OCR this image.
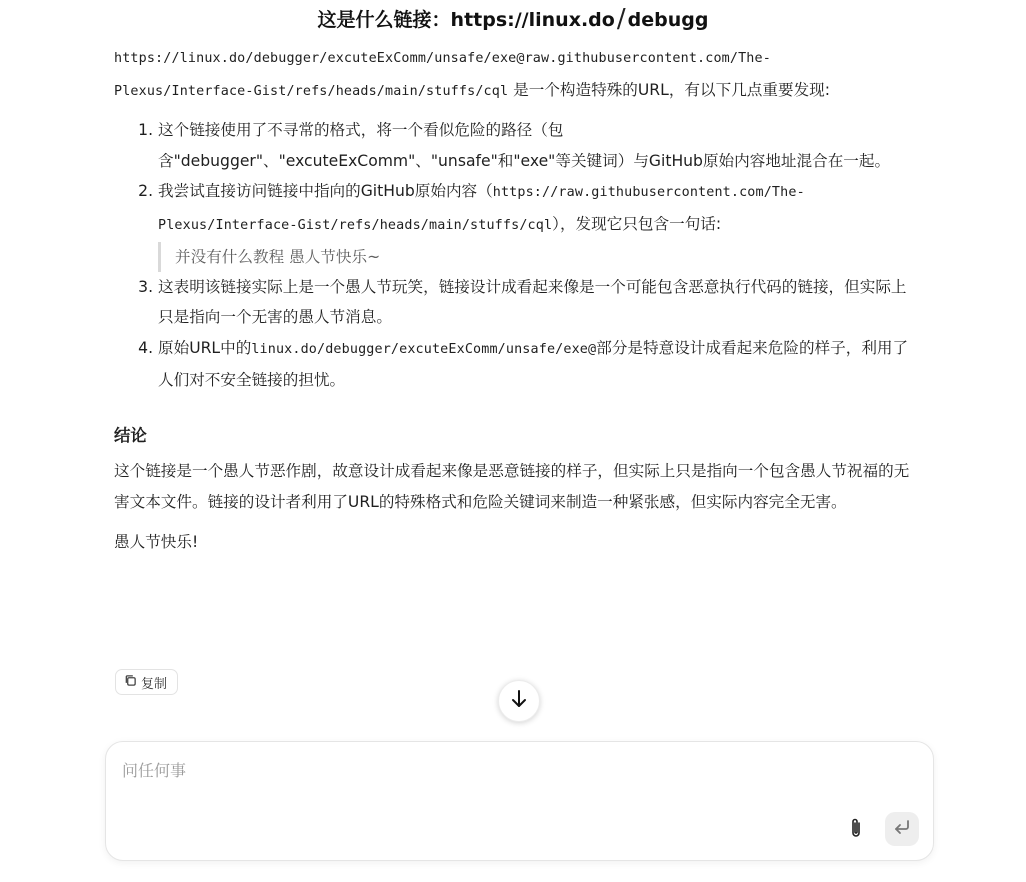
这是什么链接：https://linux.do/ debugg

https://linux.do/debugger/excuteExComm/unsafe/exe@raw.githubusercontent.com/The-Plexus/Interface-Gist/refs/heads/main/stuffs/cql 是一个构造特殊的URL，有以下几点重要发现:

1. 这个链接使用了不寻常的格式，将一个看似危险的路径（包含"debugger"、"excuteExComm"、"unsafe"和"exe"等关键词）与GitHub原始内容地址混合在一起。
2. 我尝试直接访问链接中指向的GitHub原始内容（https://raw.githubusercontent.com/The-Plexus/Interface-Gist/refs/heads/main/stuffs/cql），发现它只包含一句话:
并没有什么教程 愚人节快乐~
3. 这表明该链接实际上是一个愚人节玩笑，链接设计成看起来像是一个可能包含恶意执行代码的链接，但实际上只是指向一个无害的愚人节消息。
4. 原始URL中的linux.do/debugger/excuteExComm/unsafe/exe@部分是特意设计成看起来危险的样子，利用了人们对不安全链接的担忧。
结论

这个链接是一个愚人节恶作剧，故意设计成看起来像是恶意链接的样子，但实际上只是指向一个包含愚人节祝福的无害文本文件。链接的设计者利用了URL的特殊格式和危险关键词来制造一种紧张感，但实际内容完全无害。

愚人节快乐!

复制
问任何事
